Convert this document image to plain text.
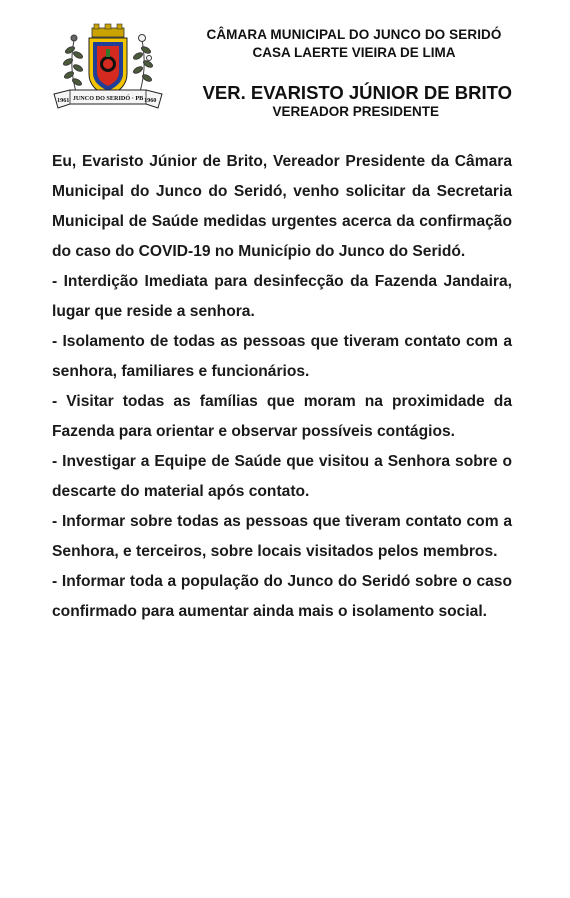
1961 JUNCO DO SERIDÓ · PB 1960
CÂMARA MUNICIPAL DO JUNCO DO SERIDÓ
CASA LAERTE VIEIRA DE LIMA
VER. EVARISTO JÚNIOR DE BRITO
VEREADOR PRESIDENTE

Eu, Evaristo Júnior de Brito, Vereador Presidente da Câmara Municipal do Junco do Seridó, venho solicitar da Secretaria Municipal de Saúde medidas urgentes acerca da confirmação do caso do COVID-19 no Município do Junco do Seridó.

- Interdição Imediata para desinfecção da Fazenda Jandaira, lugar que reside a senhora.

- Isolamento de todas as pessoas que tiveram contato com a senhora, familiares e funcionários.

- Visitar todas as famílias que moram na proximidade da Fazenda para orientar e observar possíveis contágios.

- Investigar a Equipe de Saúde que visitou a Senhora sobre o descarte do material após contato.

- Informar sobre todas as pessoas que tiveram contato com a Senhora, e terceiros, sobre locais visitados pelos membros.

- Informar toda a população do Junco do Seridó sobre o caso confirmado para aumentar ainda mais o isolamento social.
